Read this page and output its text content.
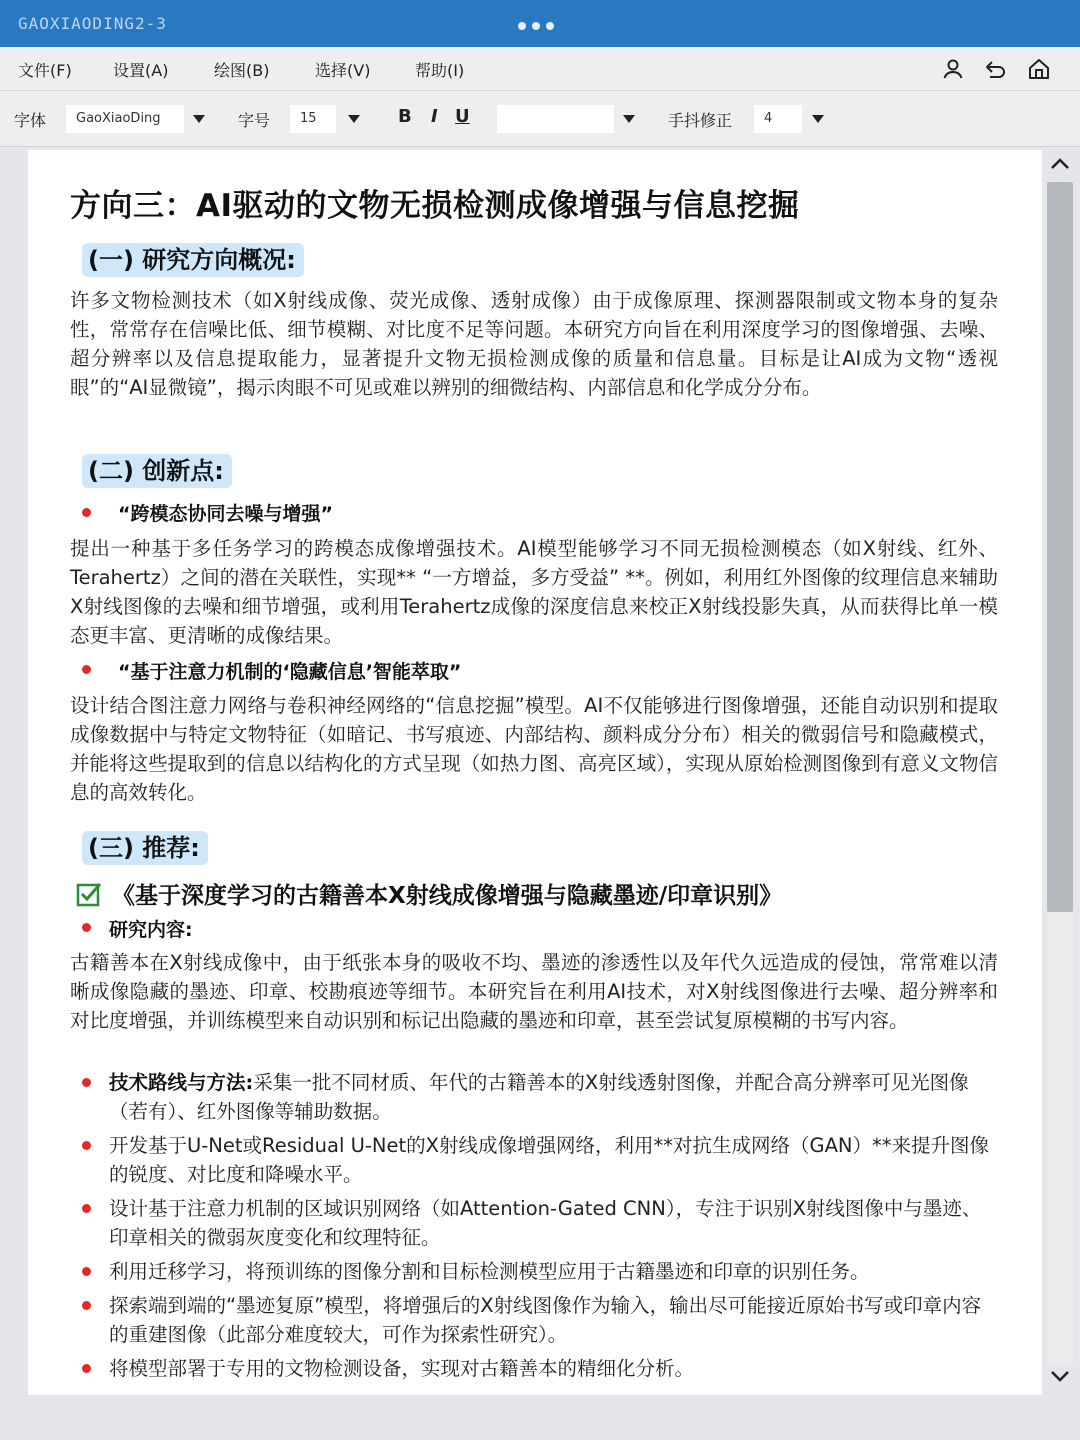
GAOXIAODING2-3
文件(F)	设置(A)	绘图(B)	选择(V)	帮助(I)
字体	GaoXiaoDing	字号	15	B I U	手抖修正	4
方向三：AI驱动的文物无损检测成像增强与信息挖掘
(一) 研究方向概况:
许多文物检测技术（如X射线成像、荧光成像、透射成像）由于成像原理、探测器限制或文物本身的复杂性，常常存在信噪比低、细节模糊、对比度不足等问题。本研究方向旨在利用深度学习的图像增强、去噪、超分辨率以及信息提取能力，显著提升文物无损检测成像的质量和信息量。目标是让AI成为文物“透视眼”的“AI显微镜”，揭示肉眼不可见或难以辨别的细微结构、内部信息和化学成分分布。
(二) 创新点:
“跨模态协同去噪与增强”
提出一种基于多任务学习的跨模态成像增强技术。AI模型能够学习不同无损检测模态（如X射线、红外、Terahertz）之间的潜在关联性，实现** “一方增益，多方受益” **。例如，利用红外图像的纹理信息来辅助X射线图像的去噪和细节增强，或利用Terahertz成像的深度信息来校正X射线投影失真，从而获得比单一模态更丰富、更清晰的成像结果。
“基于注意力机制的‘隐藏信息’智能萃取”
设计结合图注意力网络与卷积神经网络的“信息挖掘”模型。AI不仅能够进行图像增强，还能自动识别和提取成像数据中与特定文物特征（如暗记、书写痕迹、内部结构、颜料成分分布）相关的微弱信号和隐藏模式，并能将这些提取到的信息以结构化的方式呈现（如热力图、高亮区域），实现从原始检测图像到有意义文物信息的高效转化。
(三) 推荐:
《基于深度学习的古籍善本X射线成像增强与隐藏墨迹/印章识别》
研究内容:
古籍善本在X射线成像中，由于纸张本身的吸收不均、墨迹的渗透性以及年代久远造成的侵蚀，常常难以清晰成像隐藏的墨迹、印章、校勘痕迹等细节。本研究旨在利用AI技术，对X射线图像进行去噪、超分辨率和对比度增强，并训练模型来自动识别和标记出隐藏的墨迹和印章，甚至尝试复原模糊的书写内容。
技术路线与方法:采集一批不同材质、年代的古籍善本的X射线透射图像，并配合高分辨率可见光图像（若有）、红外图像等辅助数据。
开发基于U-Net或Residual U-Net的X射线成像增强网络，利用**对抗生成网络（GAN）**来提升图像的锐度、对比度和降噪水平。
设计基于注意力机制的区域识别网络（如Attention-Gated CNN），专注于识别X射线图像中与墨迹、印章相关的微弱灰度变化和纹理特征。
利用迁移学习，将预训练的图像分割和目标检测模型应用于古籍墨迹和印章的识别任务。
探索端到端的“墨迹复原”模型，将增强后的X射线图像作为输入，输出尽可能接近原始书写或印章内容的重建图像（此部分难度较大，可作为探索性研究）。
将模型部署于专用的文物检测设备，实现对古籍善本的精细化分析。
